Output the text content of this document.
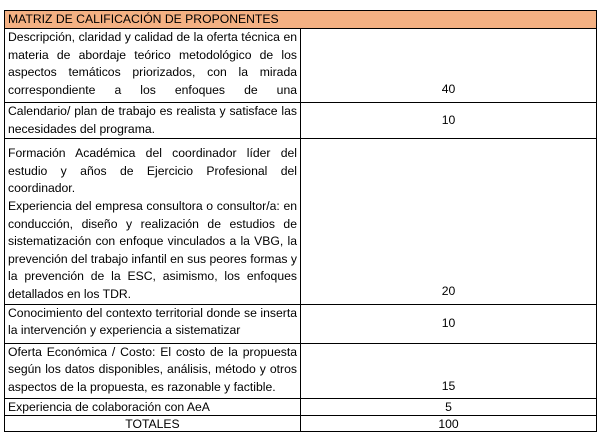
MATRIZ DE CALIFICACIÓN DE PROPONENTES	

Descripción, claridad y calidad de la oferta técnica en materia de abordaje teórico metodológico de los aspectos temáticos priorizados, con la mirada correspondiente a los enfoques de una	40
Calendario/ plan de trabajo es realista y satisface las necesidades del programa.	10

Formación Académica del coordinador líder del estudio y años de Ejercicio Profesional del coordinador.
Experiencia del empresa consultora o consultor/a: en conducción, diseño y realización de estudios de sistematización con enfoque vinculados a la VBG, la prevención del trabajo infantil en sus peores formas y la prevención de la ESC, asimismo, los enfoques detallados en los TDR.	20
Conocimiento del contexto territorial donde se inserta la intervención y experiencia a sistematizar	10
Oferta Económica / Costo: El costo de la propuesta según los datos disponibles, análisis, método y otros aspectos de la propuesta, es razonable y factible.	15
Experiencia de colaboración con AeA	5
TOTALES	100
